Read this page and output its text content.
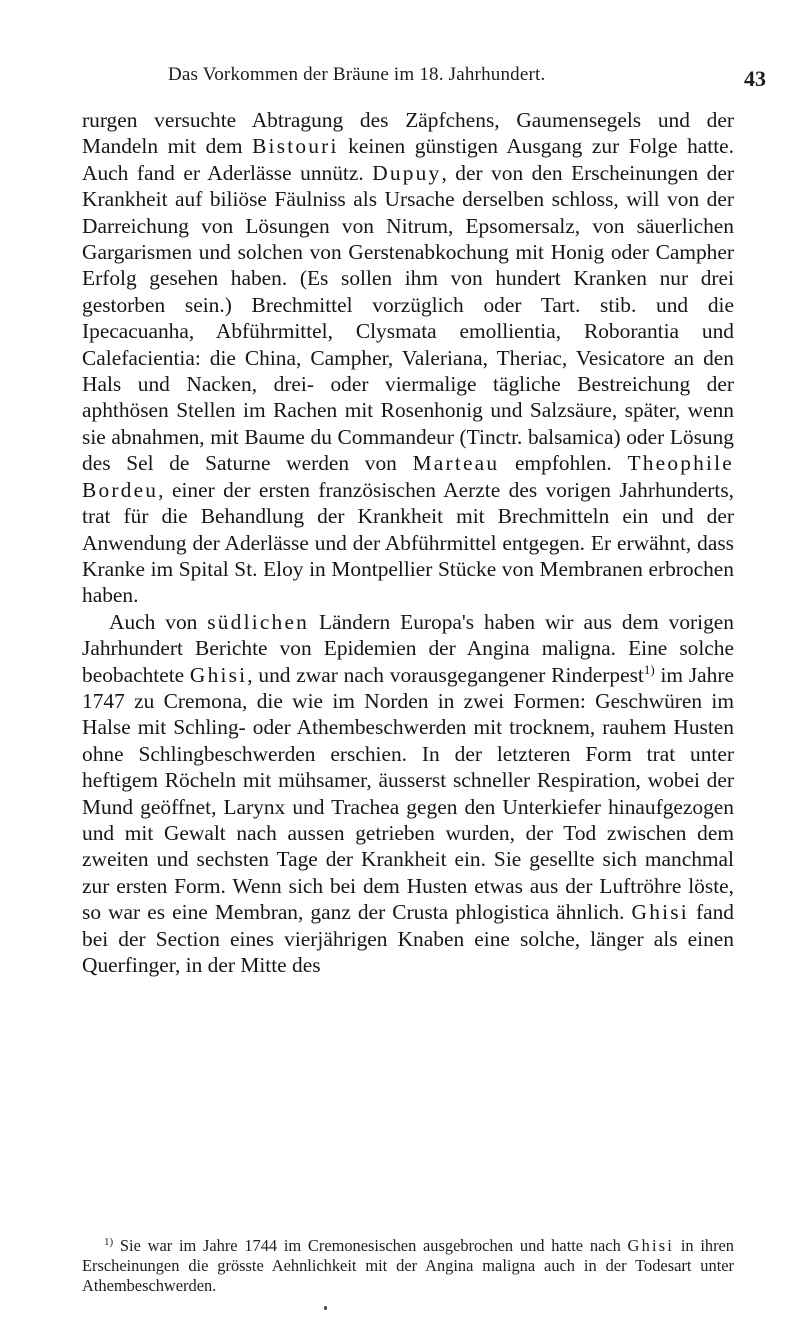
Das Vorkommen der Bräune im 18. Jahrhundert.	43

rurgen versuchte Abtragung des Zäpfchens, Gaumensegels und der Mandeln mit dem Bistouri keinen günstigen Ausgang zur Folge hatte. Auch fand er Aderlässe unnütz. Dupuy, der von den Erscheinungen der Krankheit auf biliöse Fäulniss als Ursache derselben schloss, will von der Darreichung von Lösungen von Nitrum, Epsomersalz, von säuerlichen Gargarismen und solchen von Gerstenabkochung mit Honig oder Campher Erfolg gesehen haben. (Es sollen ihm von hundert Kranken nur drei gestorben sein.) Brechmittel vorzüglich oder Tart. stib. und die Ipecacuanha, Abführmittel, Clysmata emollientia, Roborantia und Calefacientia: die China, Campher, Valeriana, Theriac, Vesicatore an den Hals und Nacken, drei- oder viermalige tägliche Bestreichung der aphthösen Stellen im Rachen mit Rosenhonig und Salzsäure, später, wenn sie abnahmen, mit Baume du Commandeur (Tinctr. balsamica) oder Lösung des Sel de Saturne werden von Marteau empfohlen. Theophile Bordeu, einer der ersten französischen Aerzte des vorigen Jahrhunderts, trat für die Behandlung der Krankheit mit Brechmitteln ein und der Anwendung der Aderlässe und der Abführmittel entgegen. Er erwähnt, dass Kranke im Spital St. Eloy in Montpellier Stücke von Membranen erbrochen haben.

Auch von südlichen Ländern Europa's haben wir aus dem vorigen Jahrhundert Berichte von Epidemien der Angina maligna. Eine solche beobachtete Ghisi, und zwar nach vorausgegangener Rinderpest$^{1)}$ im Jahre 1747 zu Cremona, die wie im Norden in zwei Formen: Geschwüren im Halse mit Schling- oder Athembeschwerden mit trocknem, rauhem Husten ohne Schlingbeschwerden erschien. In der letzteren Form trat unter heftigem Röcheln mit mühsamer, äusserst schneller Respiration, wobei der Mund geöffnet, Larynx und Trachea gegen den Unterkiefer hinaufgezogen und mit Gewalt nach aussen getrieben wurden, der Tod zwischen dem zweiten und sechsten Tage der Krankheit ein. Sie gesellte sich manchmal zur ersten Form. Wenn sich bei dem Husten etwas aus der Luftröhre löste, so war es eine Membran, ganz der Crusta phlogistica ähnlich. Ghisi fand bei der Section eines vierjährigen Knaben eine solche, länger als einen Querfinger, in der Mitte des

$^{1)}$ Sie war im Jahre 1744 im Cremonesischen ausgebrochen und hatte nach Ghisi in ihren Erscheinungen die grösste Aehnlichkeit mit der Angina maligna auch in der Todesart unter Athembeschwerden.
